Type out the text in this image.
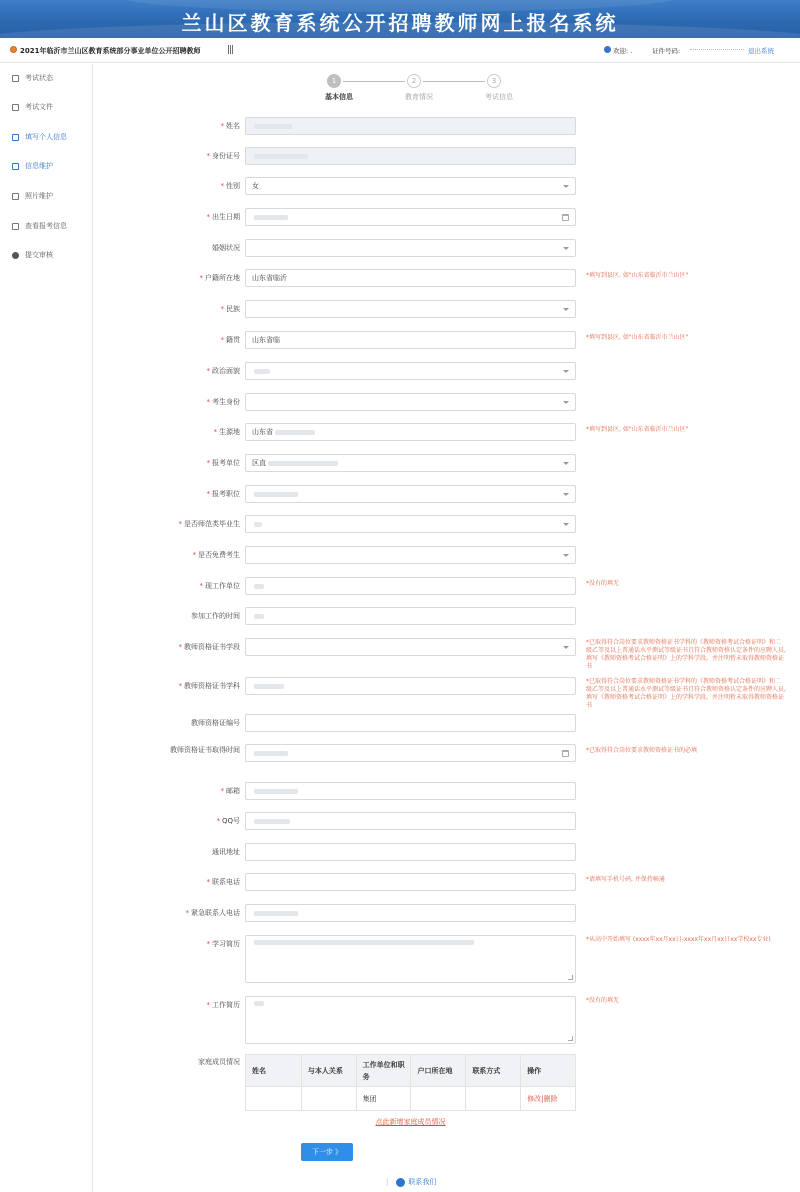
兰山区教育系统公开招聘教师网上报名系统
2021年临沂市兰山区教育系统部分事业单位公开招聘教师	|||	欢迎: .	证件号码:	退出系统
考试状态
考试文件
填写个人信息
信息维护
照片维护
查看报考信息
提交审核
1	2	3
基本信息	教育情况	考试信息
* 姓名
* 身份证号
* 性别 女
* 出生日期
婚姻状况
* 户籍所在地 山东省临沂	*填写到县区, 如"山东省临沂市兰山区"
* 民族
* 籍贯 山东省临	*填写到县区, 如"山东省临沂市兰山区"
* 政治面貌
* 考生身份
* 生源地 山东省	*填写到县区, 如"山东省临沂市兰山区"
* 报考单位 区直
* 报考职位
* 是否师范类毕业生
* 是否免费考生
* 现工作单位	*没有的填无
参加工作的时间
* 教师资格证书学段
*已取得符合岗位要求教师资格证书学科的《教师资格考试合格证明》和二级乙等及以上普通话水平测试等级证书且符合教师资格认定条件的应聘人员, 填写《教师资格考试合格证明》上的学科学段。并注明暂未取得教师资格证书
* 教师资格证书学科
*已取得符合岗位要求教师资格证书学科的《教师资格考试合格证明》和二级乙等及以上普通话水平测试等级证书且符合教师资格认定条件的应聘人员, 填写《教师资格考试合格证明》上的学科学段。并注明暂未取得教师资格证书
教师资格证编号
教师资格证书取得时间	*已取得符合岗位要求教师资格证书的必填
* 邮箱
* QQ号
通讯地址
* 联系电话	*请填写手机号码, 并保持畅通
* 紧急联系人电话
* 学习简历
*从高中开始填写 (xxxx年xx月xx日-xxxx年xx月xx日xx学校xx专业)
* 工作简历
*没有的填无
家庭成员情况
姓名	与本人关系	工作单位和职务	户口所在地	联系方式	操作
		集团			修改|删除
点此新增家庭成员情况
下一步 》
|	联系我们
